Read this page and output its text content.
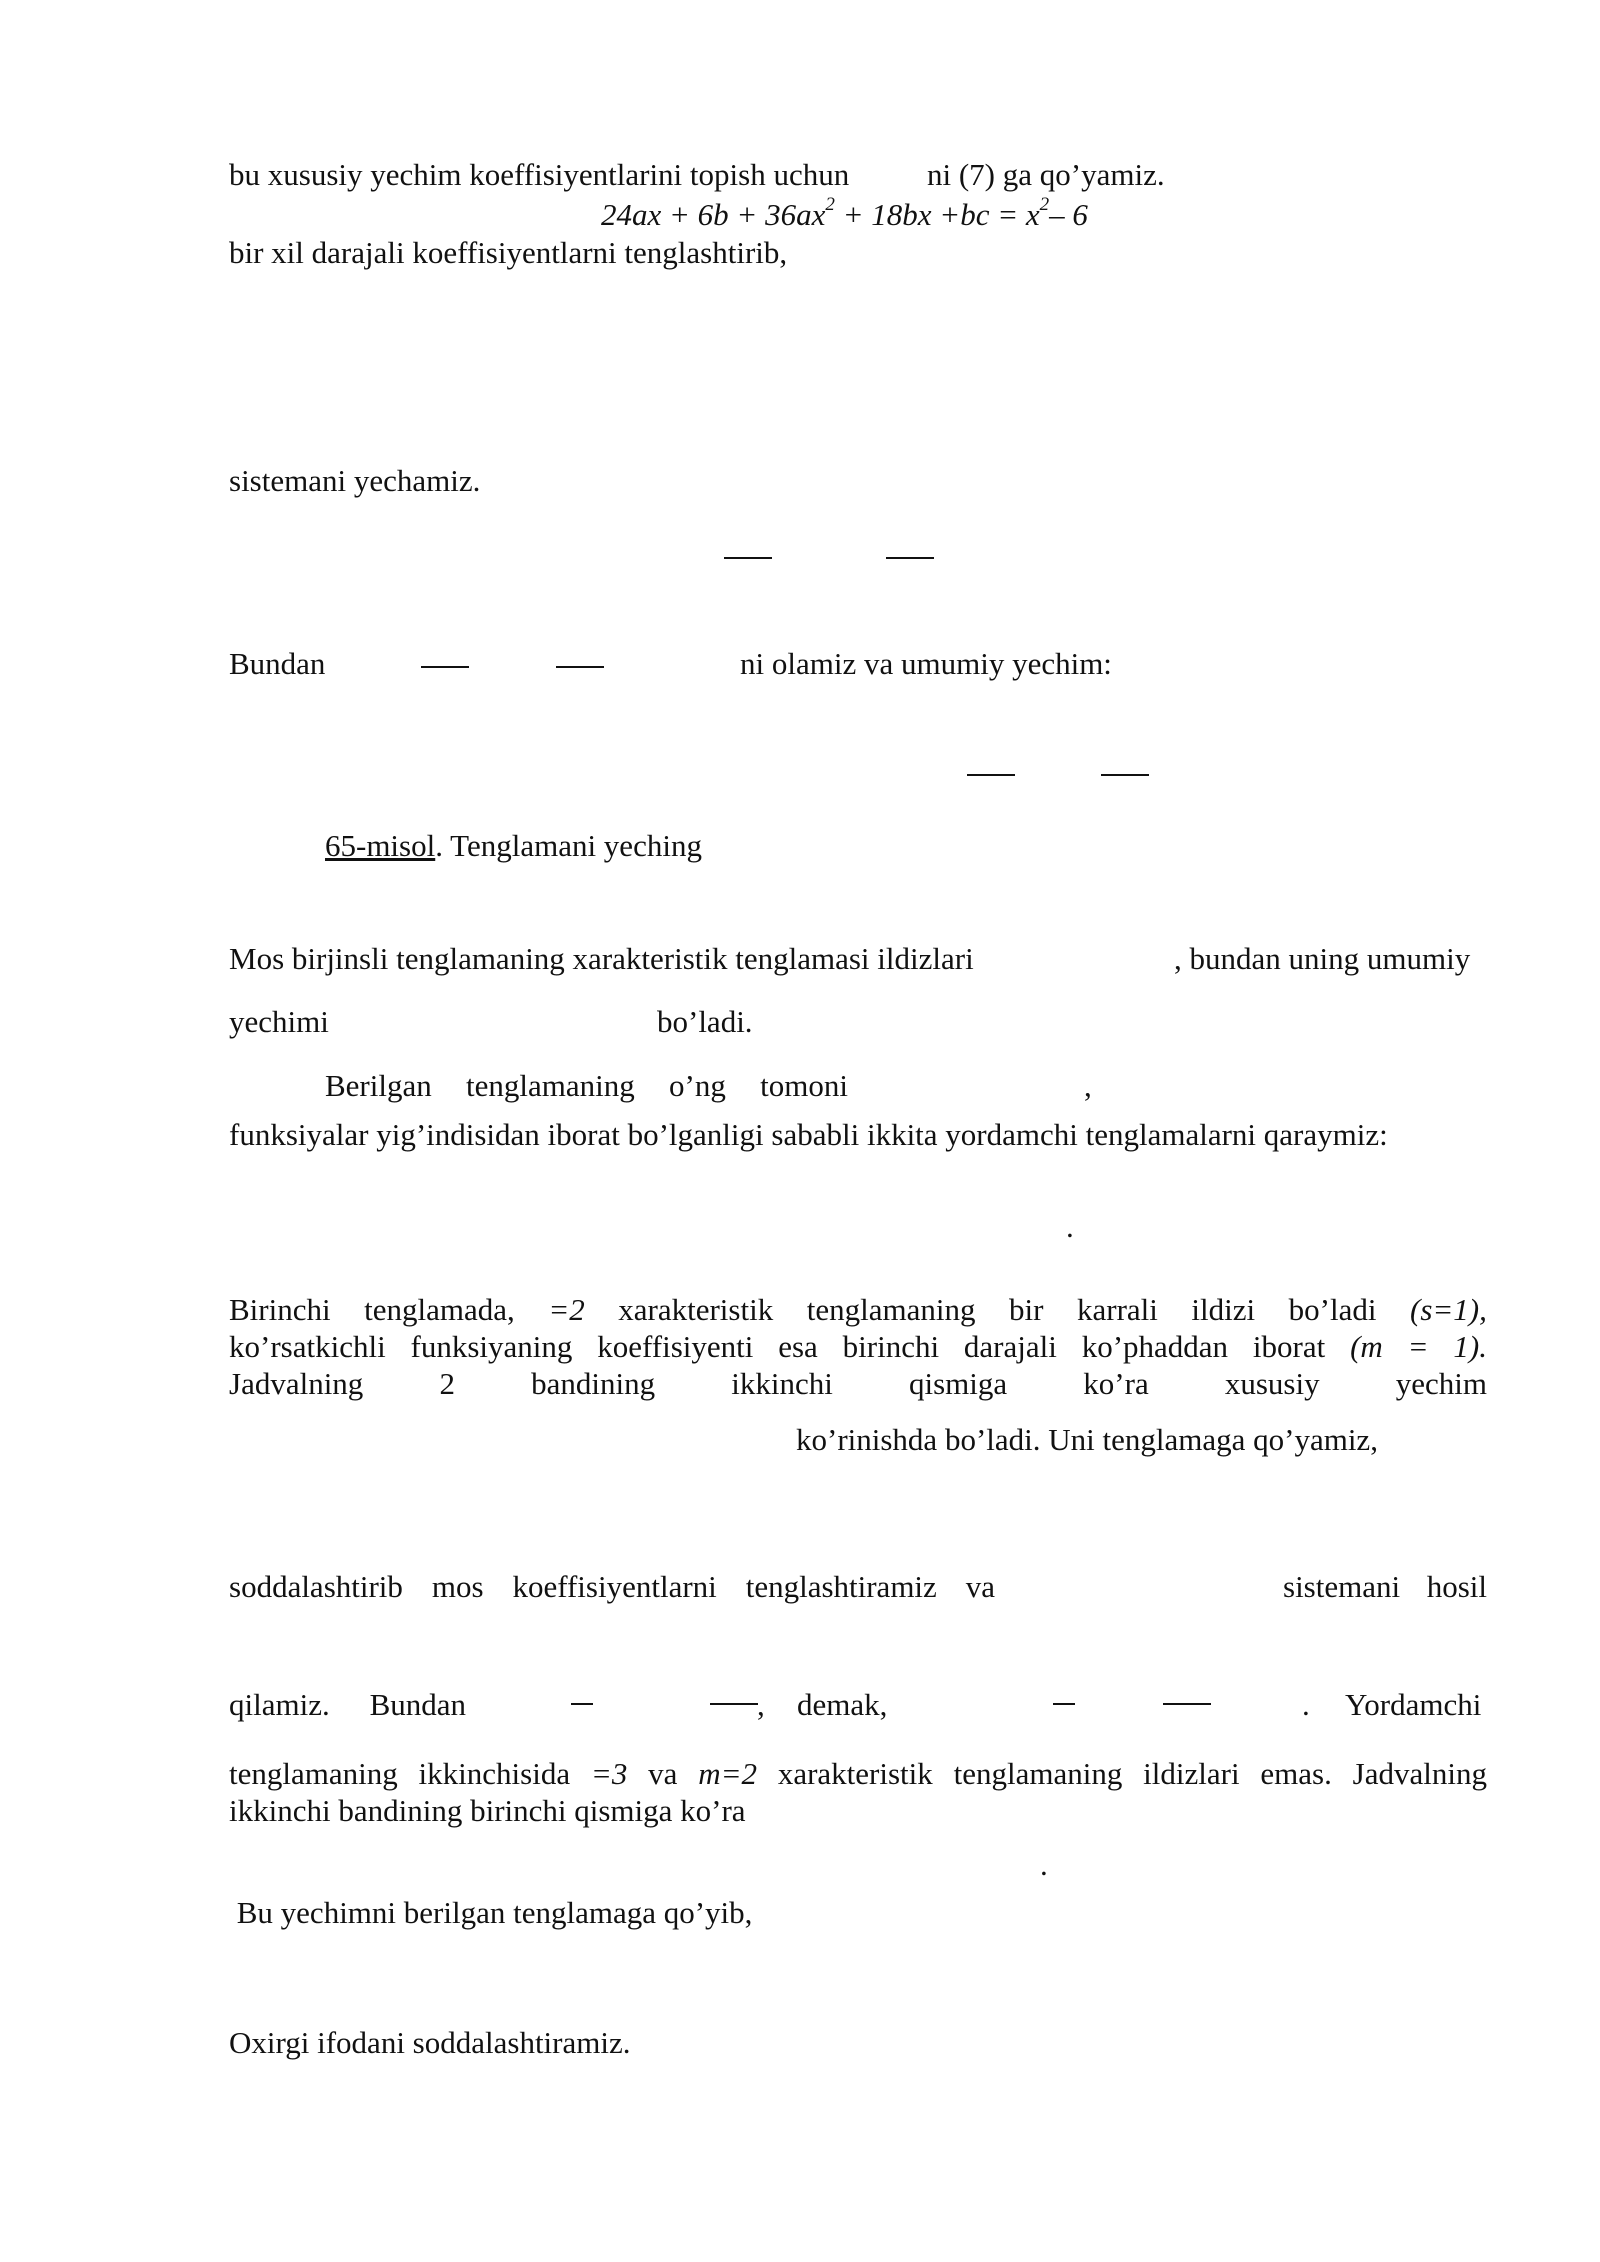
bu xususiy yechim koeffisiyentlarini topish uchun	ni (7) ga qo’yamiz.
$24ax + 6b + 36ax^2 + 18bx +bc = x^2-$ 6
bir xil darajali koeffisiyentlarni tenglashtirib,
sistemani yechamiz.
Bundan	ni olamiz va umumiy yechim:
65-misol. Tenglamani yeching
Mos birjinsli tenglamaning xarakteristik tenglamasi ildizlari	, bundan uning umumiy
yechimi	bo’ladi.
Berilgan tenglamaning o’ng tomoni	,
funksiyalar yig’indisidan iborat bo’lganligi sababli ikkita yordamchi tenglamalarni qaraymiz:
.
Birinchi tenglamada, =2 xarakteristik tenglamaning bir karrali ildizi bo’ladi (s=1),
ko’rsatkichli funksiyaning koeffisiyenti esa birinchi darajali ko’phaddan iborat (m = 1).
Jadvalning 2 bandining ikkinchi qismiga ko’ra xususiy yechim
ko’rinishda bo’ladi. Uni tenglamaga qo’yamiz,
soddalashtirib mos koeffisiyentlarni tenglashtiramiz va	sistemani hosil
qilamiz. Bundan	, demak,	. Yordamchi
tenglamaning ikkinchisida =3 va m=2 xarakteristik tenglamaning ildizlari emas. Jadvalning
ikkinchi bandining birinchi qismiga ko’ra
.
Bu yechimni berilgan tenglamaga qo’yib,
Oxirgi ifodani soddalashtiramiz.
